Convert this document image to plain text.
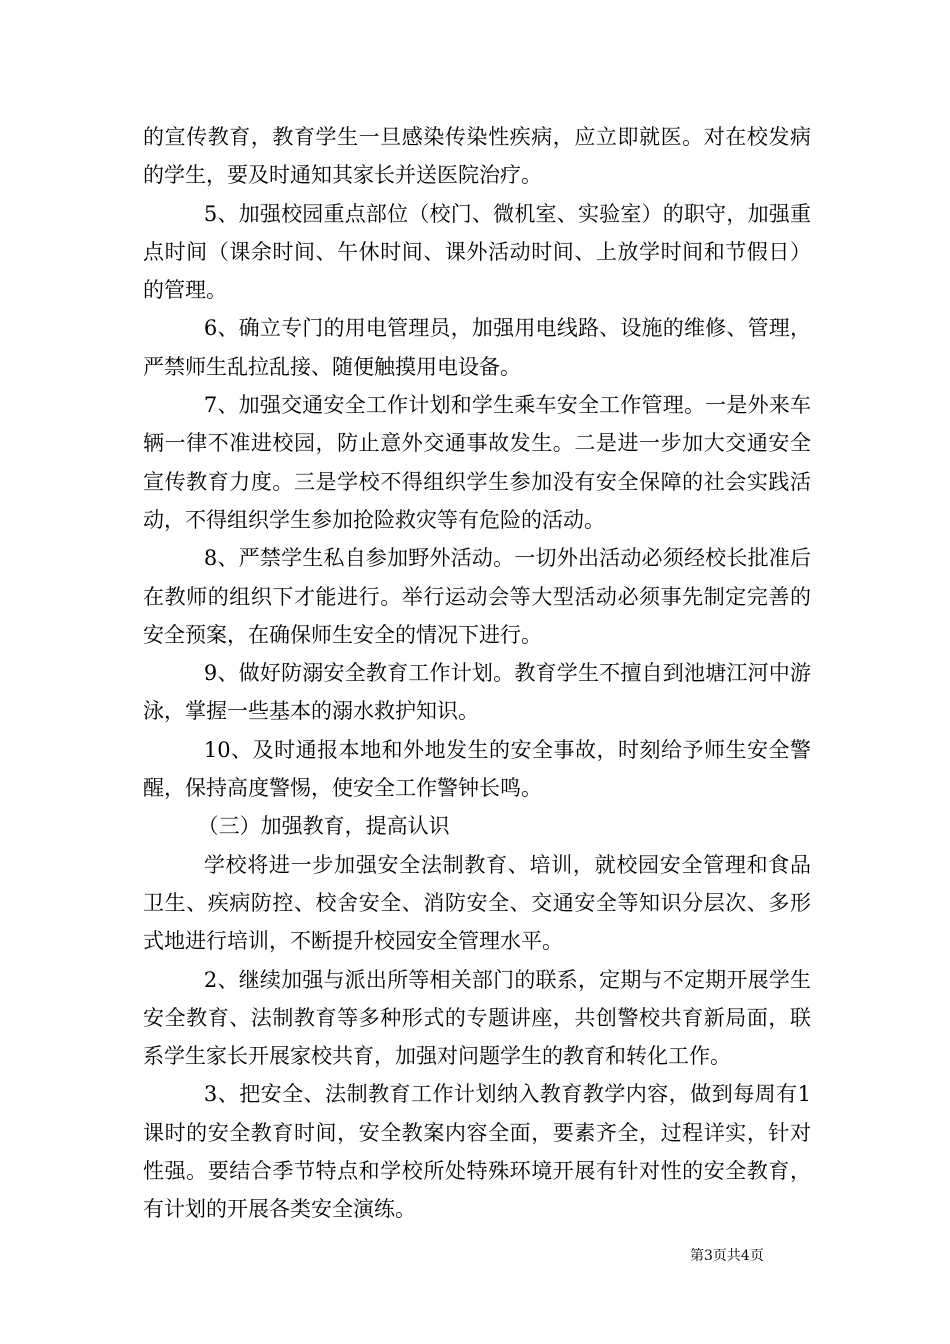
的宣传教育，教育学生一旦感染传染性疾病，应立即就医。对在校发病的学生，要及时通知其家长并送医院治疗。

5、加强校园重点部位（校门、微机室、实验室）的职守，加强重点时间（课余时间、午休时间、课外活动时间、上放学时间和节假日）的管理。

6、确立专门的用电管理员，加强用电线路、设施的维修、管理，严禁师生乱拉乱接、随便触摸用电设备。

7、加强交通安全工作计划和学生乘车安全工作管理。一是外来车辆一律不准进校园，防止意外交通事故发生。二是进一步加大交通安全宣传教育力度。三是学校不得组织学生参加没有安全保障的社会实践活动，不得组织学生参加抢险救灾等有危险的活动。

8、严禁学生私自参加野外活动。一切外出活动必须经校长批准后在教师的组织下才能进行。举行运动会等大型活动必须事先制定完善的安全预案，在确保师生安全的情况下进行。

9、做好防溺安全教育工作计划。教育学生不擅自到池塘江河中游泳，掌握一些基本的溺水救护知识。

10、及时通报本地和外地发生的安全事故，时刻给予师生安全警醒，保持高度警惕，使安全工作警钟长鸣。

（三）加强教育，提高认识

学校将进一步加强安全法制教育、培训，就校园安全管理和食品卫生、疾病防控、校舍安全、消防安全、交通安全等知识分层次、多形式地进行培训，不断提升校园安全管理水平。

2、继续加强与派出所等相关部门的联系，定期与不定期开展学生安全教育、法制教育等多种形式的专题讲座，共创警校共育新局面，联系学生家长开展家校共育，加强对问题学生的教育和转化工作。

3、把安全、法制教育工作计划纳入教育教学内容，做到每周有1课时的安全教育时间，安全教案内容全面，要素齐全，过程详实，针对性强。要结合季节特点和学校所处特殊环境开展有针对性的安全教育，有计划的开展各类安全演练。

第3页共4页
